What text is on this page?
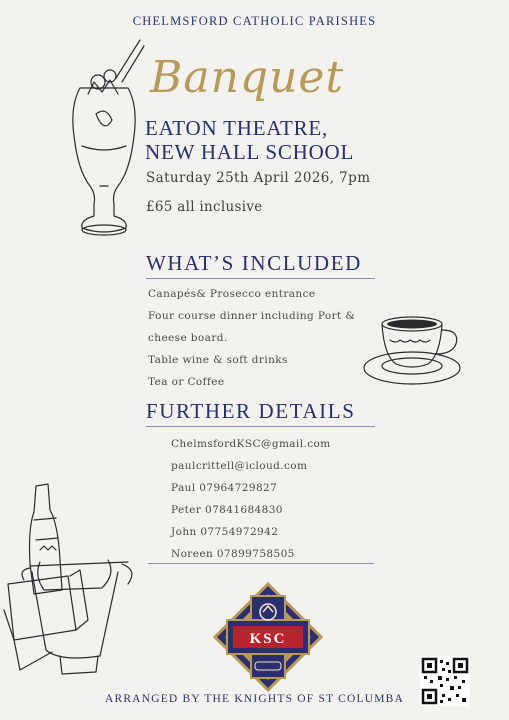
CHELMSFORD CATHOLIC PARISHES
Banquet
EATON THEATRE,
NEW HALL SCHOOL
Saturday 25th April 2026, 7pm
£65 all inclusive
WHAT’S INCLUDED
Canapés& Prosecco entrance
Four course dinner including Port &
cheese board.
Table wine & soft drinks
Tea or Coffee
FURTHER DETAILS
ChelmsfordKSC@gmail.com
paulcrittell@icloud.com
Paul 07964729827
Peter 07841684830
John 07754972942
Noreen 07899758505
KSC
ARRANGED BY THE KNIGHTS OF ST COLUMBA
